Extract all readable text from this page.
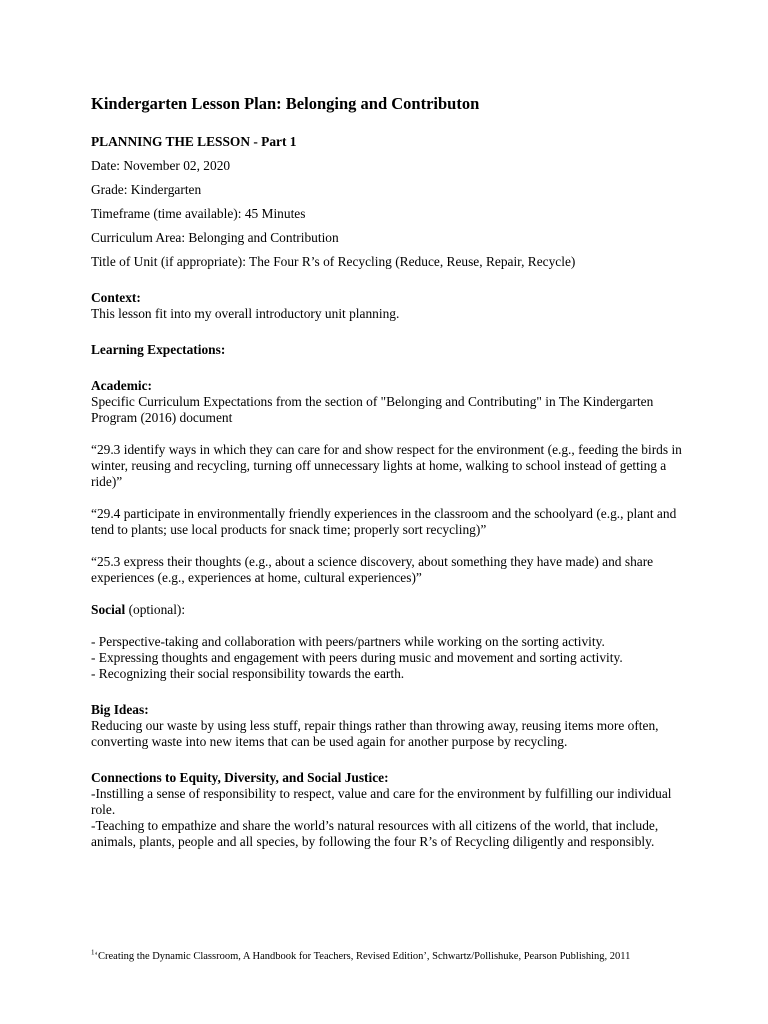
Kindergarten Lesson Plan: Belonging and Contributon
PLANNING THE LESSON - Part 1
Date: November 02, 2020
Grade: Kindergarten
Timeframe (time available): 45 Minutes
Curriculum Area: Belonging and Contribution
Title of Unit (if appropriate): The Four R’s of Recycling (Reduce, Reuse, Repair, Recycle)
Context:
This lesson fit into my overall introductory unit planning.
Learning Expectations:
Academic:
Specific Curriculum Expectations from the section of "Belonging and Contributing" in The Kindergarten Program (2016) document
“29.3 identify ways in which they can care for and show respect for the environment (e.g., feeding the birds in winter, reusing and recycling, turning off unnecessary lights at home, walking to school instead of getting a ride)”
“29.4 participate in environmentally friendly experiences in the classroom and the schoolyard (e.g., plant and tend to plants; use local products for snack time; properly sort recycling)”
“25.3 express their thoughts (e.g., about a science discovery, about something they have made) and share experiences (e.g., experiences at home, cultural experiences)”
Social (optional):
- Perspective-taking and collaboration with peers/partners while working on the sorting activity.
- Expressing thoughts and engagement with peers during music and movement and sorting activity.
- Recognizing their social responsibility towards the earth.
Big Ideas:
Reducing our waste by using less stuff, repair things rather than throwing away, reusing items more often, converting waste into new items that can be used again for another purpose by recycling.
Connections to Equity, Diversity, and Social Justice:
-Instilling a sense of responsibility to respect, value and care for the environment by fulfilling our individual role.
-Teaching to empathize and share the world’s natural resources with all citizens of the world, that include, animals, plants, people and all species, by following the four R’s of Recycling diligently and responsibly.
$^1$‘Creating the Dynamic Classroom, A Handbook for Teachers, Revised Edition’, Schwartz/Pollishuke, Pearson Publishing, 2011
